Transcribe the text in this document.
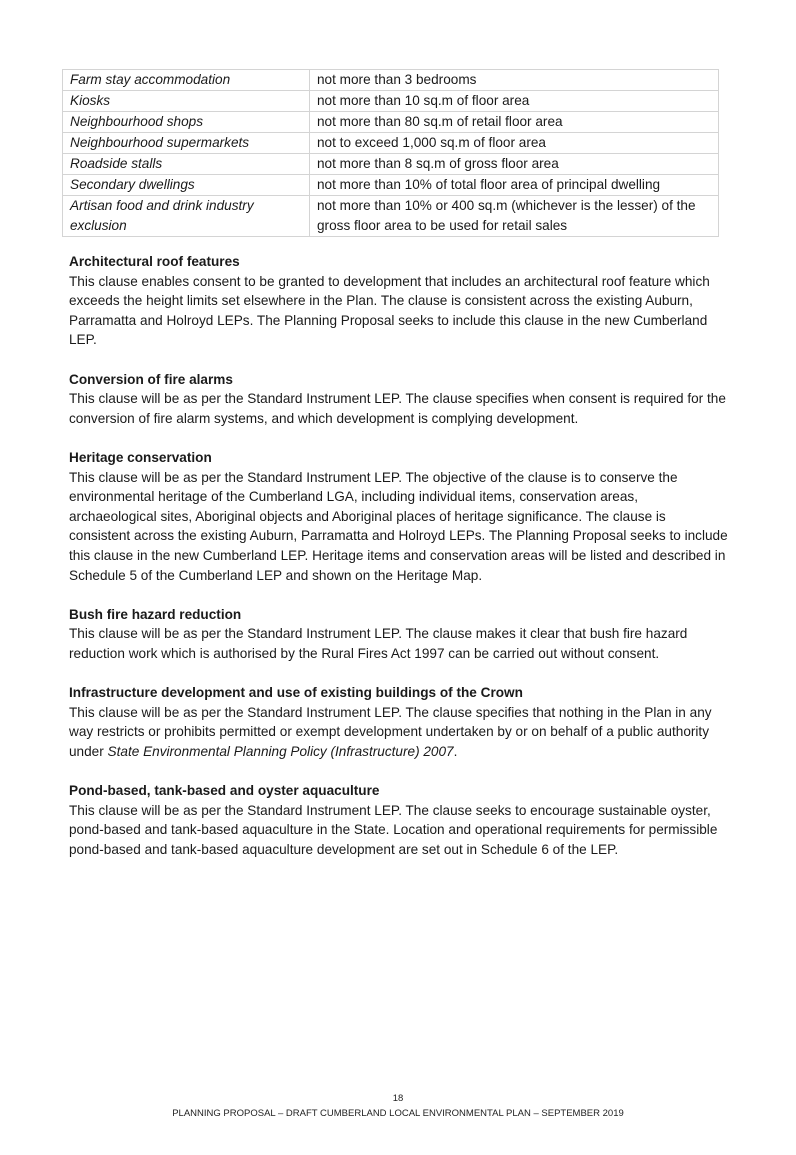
Farm stay accommodation	not more than 3 bedrooms
Kiosks	not more than 10 sq.m of floor area
Neighbourhood shops	not more than 80 sq.m of retail floor area
Neighbourhood supermarkets	not to exceed 1,000 sq.m of floor area
Roadside stalls	not more than 8 sq.m of gross floor area
Secondary dwellings	not more than 10% of total floor area of principal dwelling
Artisan food and drink industry exclusion	not more than 10% or 400 sq.m (whichever is the lesser) of the gross floor area to be used for retail sales
Architectural roof features

This clause enables consent to be granted to development that includes an architectural roof feature which exceeds the height limits set elsewhere in the Plan. The clause is consistent across the existing Auburn, Parramatta and Holroyd LEPs. The Planning Proposal seeks to include this clause in the new Cumberland LEP.

Conversion of fire alarms

This clause will be as per the Standard Instrument LEP. The clause specifies when consent is required for the conversion of fire alarm systems, and which development is complying development.

Heritage conservation

This clause will be as per the Standard Instrument LEP. The objective of the clause is to conserve the environmental heritage of the Cumberland LGA, including individual items, conservation areas, archaeological sites, Aboriginal objects and Aboriginal places of heritage significance. The clause is consistent across the existing Auburn, Parramatta and Holroyd LEPs. The Planning Proposal seeks to include this clause in the new Cumberland LEP. Heritage items and conservation areas will be listed and described in Schedule 5 of the Cumberland LEP and shown on the Heritage Map.

Bush fire hazard reduction

This clause will be as per the Standard Instrument LEP. The clause makes it clear that bush fire hazard reduction work which is authorised by the Rural Fires Act 1997 can be carried out without consent.

Infrastructure development and use of existing buildings of the Crown

This clause will be as per the Standard Instrument LEP. The clause specifies that nothing in the Plan in any way restricts or prohibits permitted or exempt development undertaken by or on behalf of a public authority under State Environmental Planning Policy (Infrastructure) 2007.

Pond-based, tank-based and oyster aquaculture

This clause will be as per the Standard Instrument LEP. The clause seeks to encourage sustainable oyster, pond-based and tank-based aquaculture in the State. Location and operational requirements for permissible pond-based and tank-based aquaculture development are set out in Schedule 6 of the LEP.

18
PLANNING PROPOSAL – DRAFT CUMBERLAND LOCAL ENVIRONMENTAL PLAN – SEPTEMBER 2019
